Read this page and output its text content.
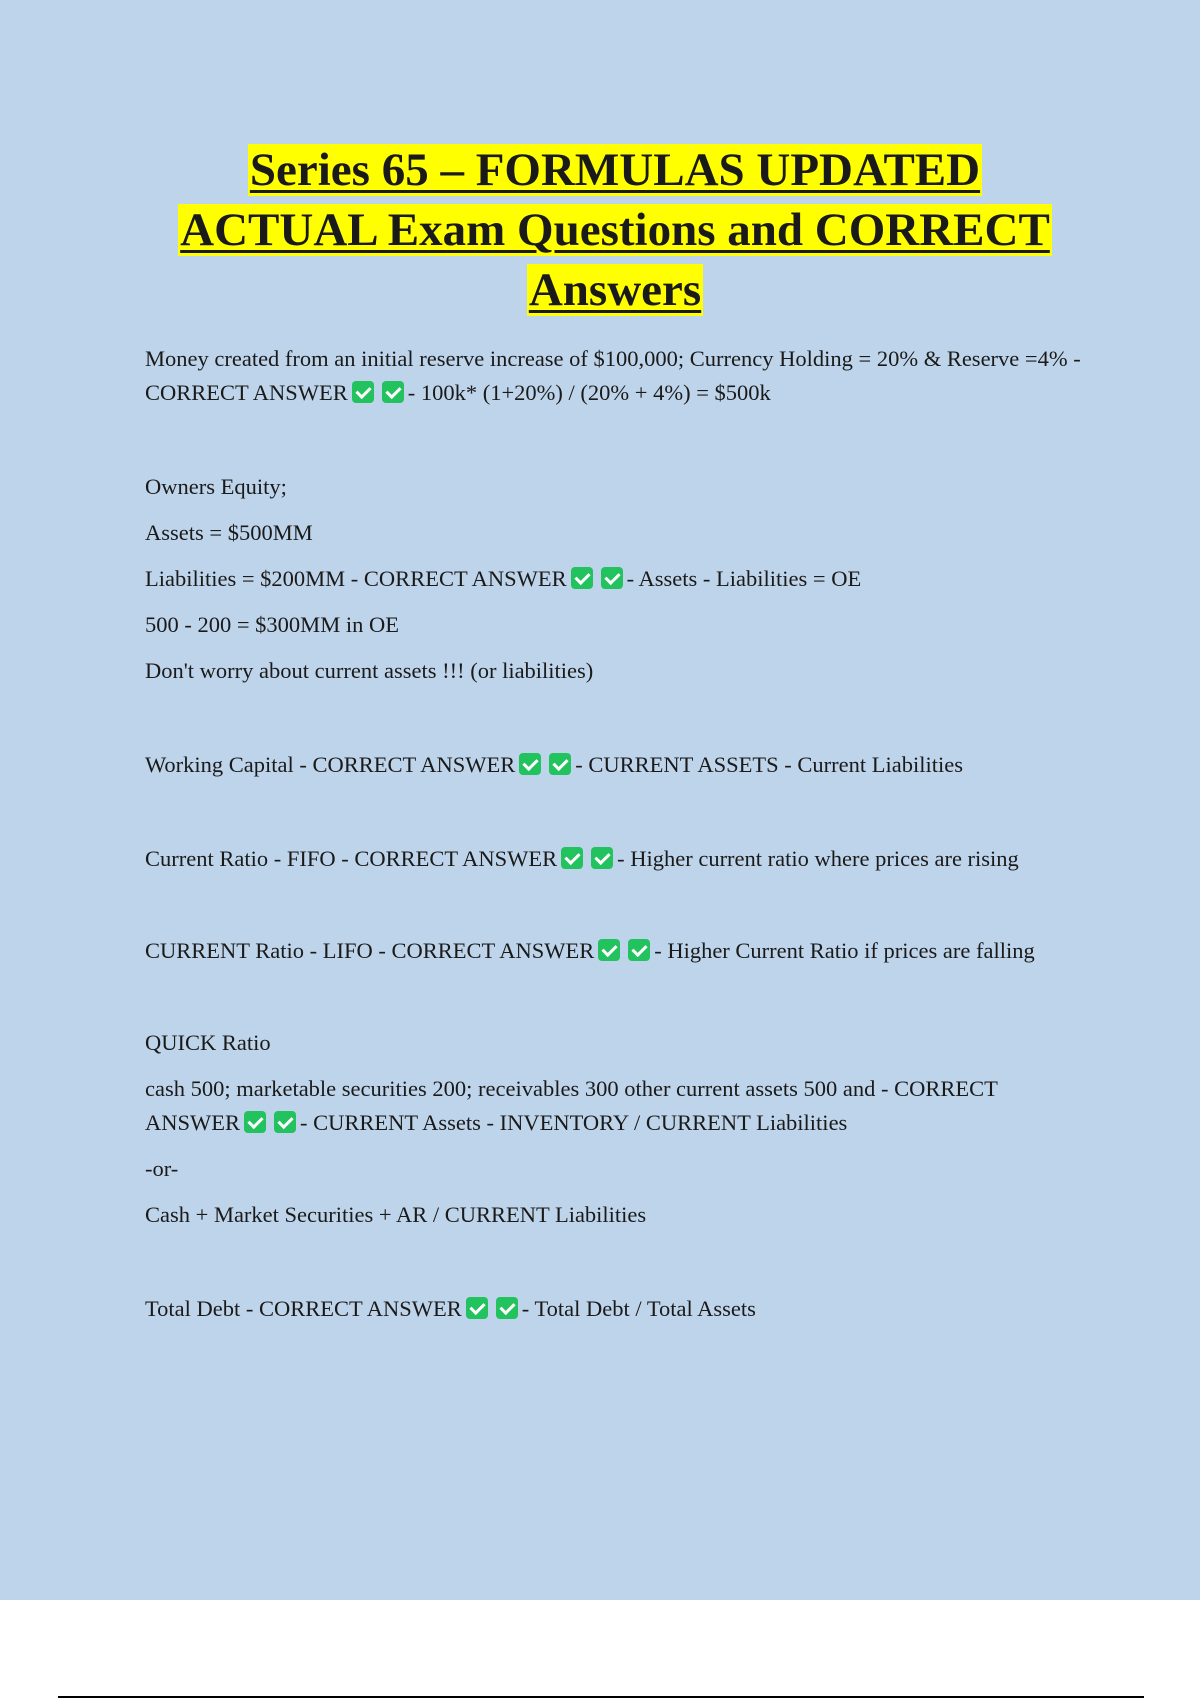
Series 65 – FORMULAS UPDATED
ACTUAL Exam Questions and CORRECT
Answers

Money created from an initial reserve increase of $100,000; Currency Holding = 20% & Reserve =4% - CORRECT ANSWER	- 100k* (1+20%) / (20% + 4%) = $500k

Owners Equity;

Assets = $500MM

Liabilities = $200MM - CORRECT ANSWER	- Assets - Liabilities = OE

500 - 200 = $300MM in OE

Don't worry about current assets !!! (or liabilities)

Working Capital - CORRECT ANSWER	- CURRENT ASSETS - Current Liabilities

Current Ratio - FIFO - CORRECT ANSWER	- Higher current ratio where prices are rising

CURRENT Ratio - LIFO - CORRECT ANSWER	- Higher Current Ratio if prices are falling

QUICK Ratio

cash 500; marketable securities 200; receivables 300 other current assets 500 and - CORRECT ANSWER	- CURRENT Assets - INVENTORY / CURRENT Liabilities

-or-

Cash + Market Securities + AR / CURRENT Liabilities

Total Debt - CORRECT ANSWER	- Total Debt / Total Assets
